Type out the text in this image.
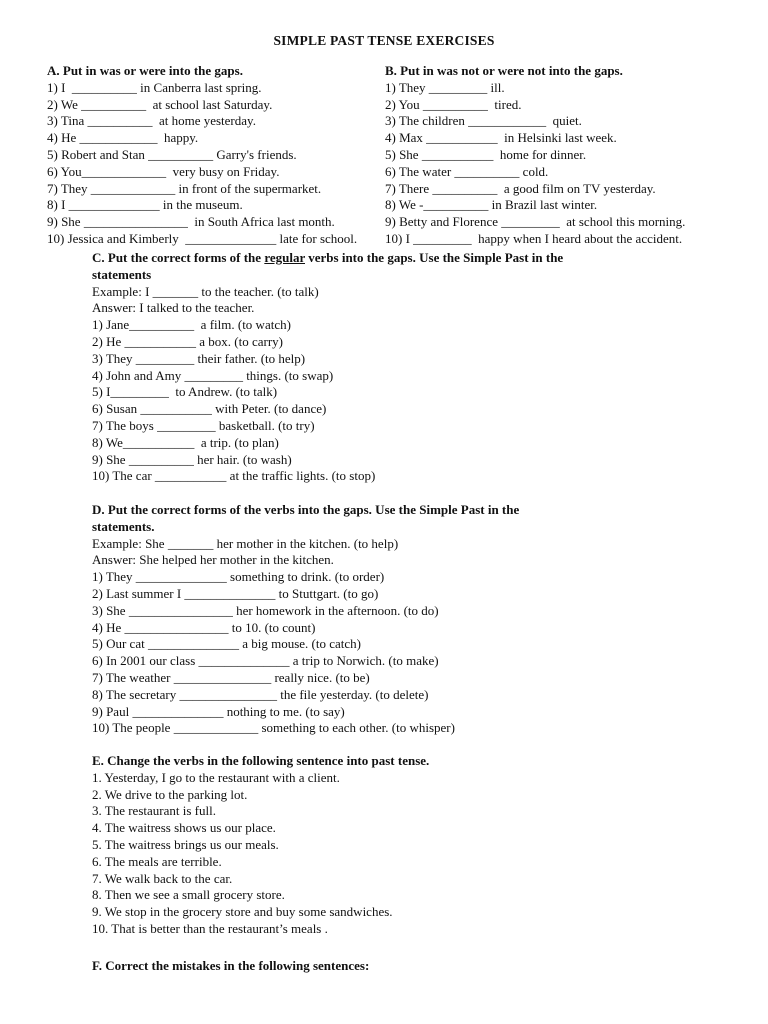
SIMPLE PAST TENSE EXERCISES

A. Put in was or were into the gaps.

1) I  __________ in Canberra last spring.

2) We __________  at school last Saturday.

3) Tina __________  at home yesterday.

4) He ____________  happy.

5) Robert and Stan __________ Garry's friends.

6) You_____________  very busy on Friday.

7) They _____________ in front of the supermarket.

8) I ______________ in the museum.

9) She ________________  in South Africa last month.

10) Jessica and Kimberly  ______________ late for school.

B. Put in was not or were not into the gaps.

1) They _________ ill.

2) You __________  tired.

3) The children ____________  quiet.

4) Max ___________  in Helsinki last week.

5) She ___________  home for dinner.

6) The water __________ cold.

7) There __________  a good film on TV yesterday.

8) We -__________ in Brazil last winter.

9) Betty and Florence _________  at school this morning.

10) I _________  happy when I heard about the accident.

C. Put the correct forms of the regular verbs into the gaps. Use the Simple Past in the

statements

Example: I _______ to the teacher. (to talk)

Answer: I talked to the teacher.

1) Jane__________  a film. (to watch)

2) He ___________ a box. (to carry)

3) They _________ their father. (to help)

4) John and Amy _________ things. (to swap)

5) I_________  to Andrew. (to talk)

6) Susan ___________ with Peter. (to dance)

7) The boys _________ basketball. (to try)

8) We___________  a trip. (to plan)

9) She __________ her hair. (to wash)

10) The car ___________ at the traffic lights. (to stop)

D. Put the correct forms of the verbs into the gaps. Use the Simple Past in the

statements.

Example: She _______ her mother in the kitchen. (to help)

Answer: She helped her mother in the kitchen.

1) They ______________ something to drink. (to order)

2) Last summer I ______________ to Stuttgart. (to go)

3) She ________________ her homework in the afternoon. (to do)

4) He ________________ to 10. (to count)

5) Our cat ______________ a big mouse. (to catch)

6) In 2001 our class ______________ a trip to Norwich. (to make)

7) The weather _______________ really nice. (to be)

8) The secretary _______________ the file yesterday. (to delete)

9) Paul ______________ nothing to me. (to say)

10) The people _____________ something to each other. (to whisper)

E. Change the verbs in the following sentence into past tense.

1. Yesterday, I go to the restaurant with a client.

2. We drive to the parking lot.

3. The restaurant is full.

4. The waitress shows us our place.

5. The waitress brings us our meals.

6. The meals are terrible.

7. We walk back to the car.

8. Then we see a small grocery store.

9. We stop in the grocery store and buy some sandwiches.

10. That is better than the restaurant’s meals .

F. Correct the mistakes in the following sentences:
